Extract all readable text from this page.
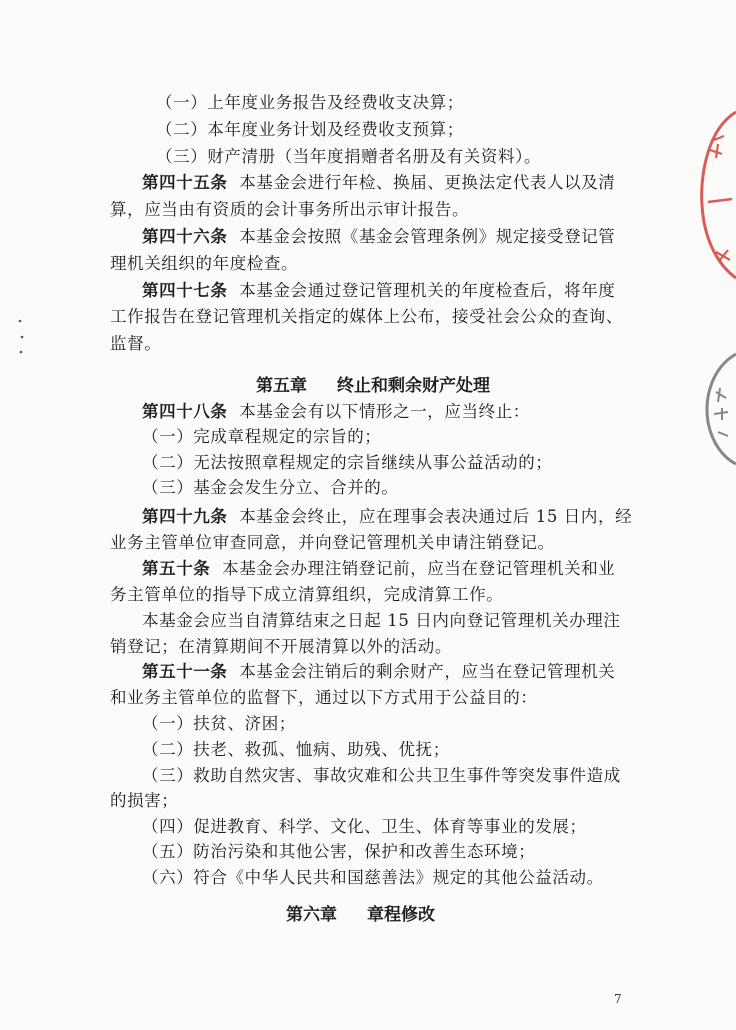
（一）上年度业务报告及经费收支决算；
（二）本年度业务计划及经费收支预算；
（三）财产清册（当年度捐赠者名册及有关资料）。
第四十五条 本基金会进行年检、换届、更换法定代表人以及清
算，应当由有资质的会计事务所出示审计报告。
第四十六条 本基金会按照《基金会管理条例》规定接受登记管
理机关组织的年度检查。
第四十七条 本基金会通过登记管理机关的年度检查后，将年度
工作报告在登记管理机关指定的媒体上公布，接受社会公众的查询、
监督。
第五章 终止和剩余财产处理
第四十八条 本基金会有以下情形之一，应当终止：
（一）完成章程规定的宗旨的；
（二）无法按照章程规定的宗旨继续从事公益活动的；
（三）基金会发生分立、合并的。
第四十九条 本基金会终止，应在理事会表决通过后 15 日内，经
业务主管单位审查同意，并向登记管理机关申请注销登记。
第五十条 本基金会办理注销登记前，应当在登记管理机关和业
务主管单位的指导下成立清算组织，完成清算工作。
本基金会应当自清算结束之日起 15 日内向登记管理机关办理注
销登记；在清算期间不开展清算以外的活动。
第五十一条 本基金会注销后的剩余财产，应当在登记管理机关
和业务主管单位的监督下，通过以下方式用于公益目的：
（一）扶贫、济困；
（二）扶老、救孤、恤病、助残、优抚；
（三）救助自然灾害、事故灾难和公共卫生事件等突发事件造成
的损害；
（四）促进教育、科学、文化、卫生、体育等事业的发展；
（五）防治污染和其他公害，保护和改善生态环境；
（六）符合《中华人民共和国慈善法》规定的其他公益活动。
第六章 章程修改
7
